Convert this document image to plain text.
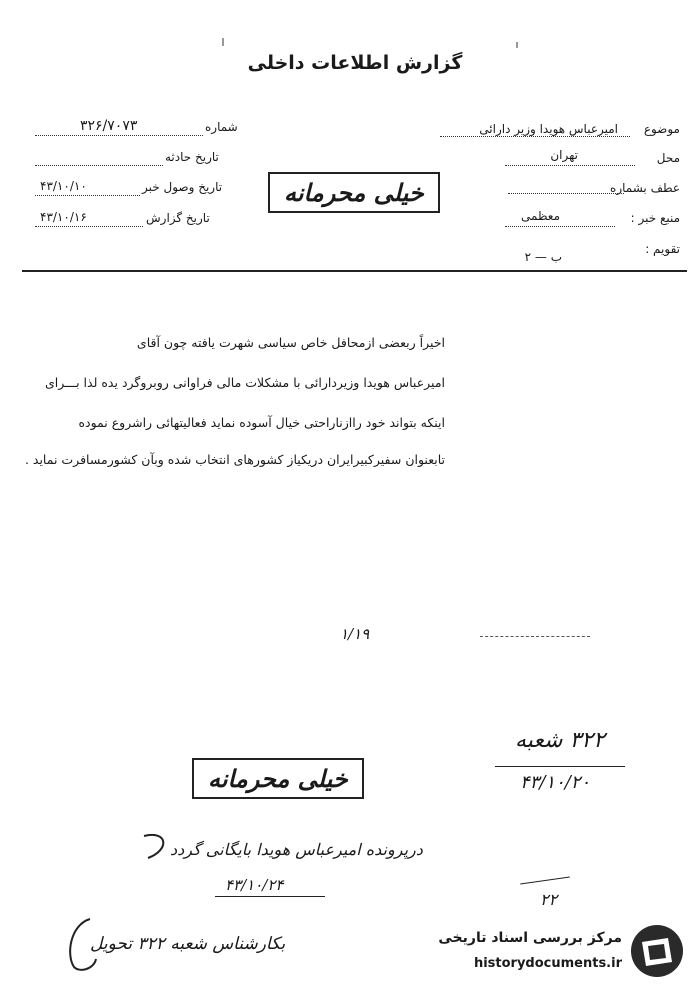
گزارش اطلاعات داخلی
موضوع
امیرعباس هویدا وزیر دارائی
محل
تهران
عطف بشماره
منبع خبر :
معظمی
تقویم :
ب — ۲
شماره
۳۲۶/۷۰۷۳
تاریخ حادثه
تاریخ وصول خبر
۴۳/۱۰/۱۰
تاریخ گزارش
۴۳/۱۰/۱۶
خیلی محرمانه
اخیراً ربعضی ازمحافل خاص سیاسی شهرت یافته چون آقای
امیرعباس هویدا وزیردارائی با مشکلات مالی فراوانی روبروگرد یده لذا بـــرای
اینکه بتواند خود راازناراحتی خیال آسوده نماید فعالیتهائی راشروع نموده
تابعنوان سفیرکبیرایران دریکیاز کشورهای انتخاب شده وبآن کشورمسافرت نماید .
۱/۱۹
۳۲۲ شعبه
۴۳/۱۰/۲۰
خیلی محرمانه
درپرونده امیرعباس هویدا بایگانی گردد
۴۳/۱۰/۲۴
۲۲
بکارشناس شعبه ۳۲۲ تحویل	مرکز بررسی اسناد تاریخی
historydocuments.ir
